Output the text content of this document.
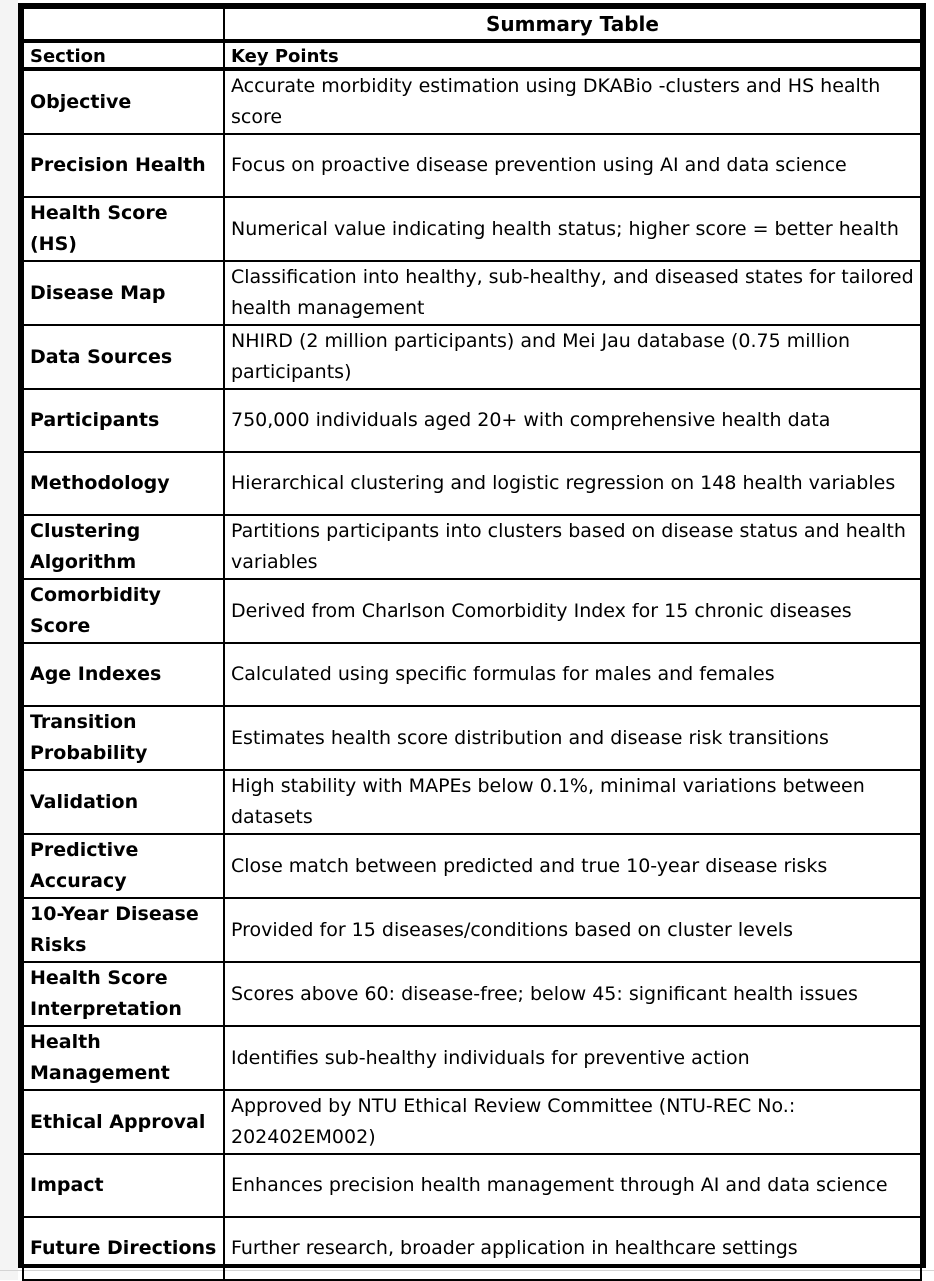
	Summary Table
Section	Key Points
Objective	Accurate morbidity estimation using DKABio -clusters and HS health score
Precision Health	Focus on proactive disease prevention using AI and data science
Health Score (HS)	Numerical value indicating health status; higher score = better health
Disease Map	Classification into healthy, sub-healthy, and diseased states for tailored health management
Data Sources	NHIRD (2 million participants) and Mei Jau database (0.75 million participants)
Participants	750,000 individuals aged 20+ with comprehensive health data
Methodology	Hierarchical clustering and logistic regression on 148 health variables
Clustering Algorithm	Partitions participants into clusters based on disease status and health variables
Comorbidity Score	Derived from Charlson Comorbidity Index for 15 chronic diseases
Age Indexes	Calculated using specific formulas for males and females
Transition Probability	Estimates health score distribution and disease risk transitions
Validation	High stability with MAPEs below 0.1%, minimal variations between datasets
Predictive Accuracy	Close match between predicted and true 10-year disease risks
10-Year Disease Risks	Provided for 15 diseases/conditions based on cluster levels
Health Score Interpretation	Scores above 60: disease-free; below 45: significant health issues
Health Management	Identifies sub-healthy individuals for preventive action
Ethical Approval	Approved by NTU Ethical Review Committee (NTU-REC No.: 202402EM002)
Impact	Enhances precision health management through AI and data science
Future Directions	Further research, broader application in healthcare settings
